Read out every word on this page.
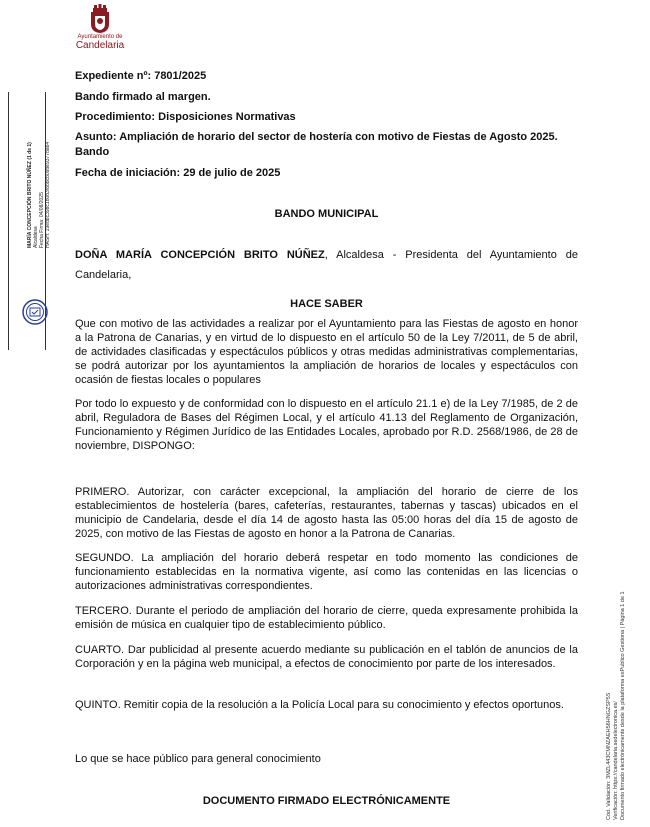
Ayuntamiento de
Candelaria
MARÍA CONCEPCIÓN BRITO NÚÑEZ (1 de 1) Alcaldesa Fecha Firma: 04/08/2025 HASH: 19ed8c398c1b0b3f8bbcb09be9377ba64
Expediente nº: 7801/2025
Bando firmado al margen.
Procedimiento: Disposiciones Normativas
Asunto: Ampliación de horario del sector de hostería con motivo de Fiestas de Agosto 2025. Bando
Fecha de iniciación: 29 de julio de 2025
BANDO MUNICIPAL
DOÑA MARÍA CONCEPCIÓN BRITO NÚÑEZ, Alcaldesa - Presidenta del Ayuntamiento de Candelaria,
HACE SABER
Que con motivo de las actividades a realizar por el Ayuntamiento para las Fiestas de agosto en honor a la Patrona de Canarias, y en virtud de lo dispuesto en el artículo 50 de la Ley 7/2011, de 5 de abril, de actividades clasificadas y espectáculos públicos y otras medidas administrativas complementarias, se podrá autorizar por los ayuntamientos la ampliación de horarios de locales y espectáculos con ocasión de fiestas locales o populares
Por todo lo expuesto y de conformidad con lo dispuesto en el artículo 21.1 e) de la Ley 7/1985, de 2 de abril, Reguladora de Bases del Régimen Local, y el artículo 41.13 del Reglamento de Organización, Funcionamiento y Régimen Jurídico de las Entidades Locales, aprobado por R.D. 2568/1986, de 28 de noviembre, DISPONGO:
PRIMERO. Autorizar, con carácter excepcional, la ampliación del horario de cierre de los establecimientos de hostelería (bares, cafeterías, restaurantes, tabernas y tascas) ubicados en el municipio de Candelaria, desde el día 14 de agosto hasta las 05:00 horas del día 15 de agosto de 2025, con motivo de las Fiestas de agosto en honor a la Patrona de Canarias.
SEGUNDO. La ampliación del horario deberá respetar en todo momento las condiciones de funcionamiento establecidas en la normativa vigente, así como las contenidas en las licencias o autorizaciones administrativas correspondientes.
TERCERO. Durante el periodo de ampliación del horario de cierre, queda expresamente prohibida la emisión de música en cualquier tipo de establecimiento público.
CUARTO. Dar publicidad al presente acuerdo mediante su publicación en el tablón de anuncios de la Corporación y en la página web municipal, a efectos de conocimiento por parte de los interesados.
QUINTO. Remitir copia de la resolución a la Policía Local para su conocimiento y efectos oportunos.
Lo que se hace público para general conocimiento
DOCUMENTO FIRMADO ELECTRÓNICAMENTE	Cód. Validación: 3MZL443CMNZAEH56HNGZSP5S Verificación: https://candelaria.sedelectronica.es/ Documento firmado electrónicamente desde la plataforma esPublico Gestiona | Página 1 de 1
